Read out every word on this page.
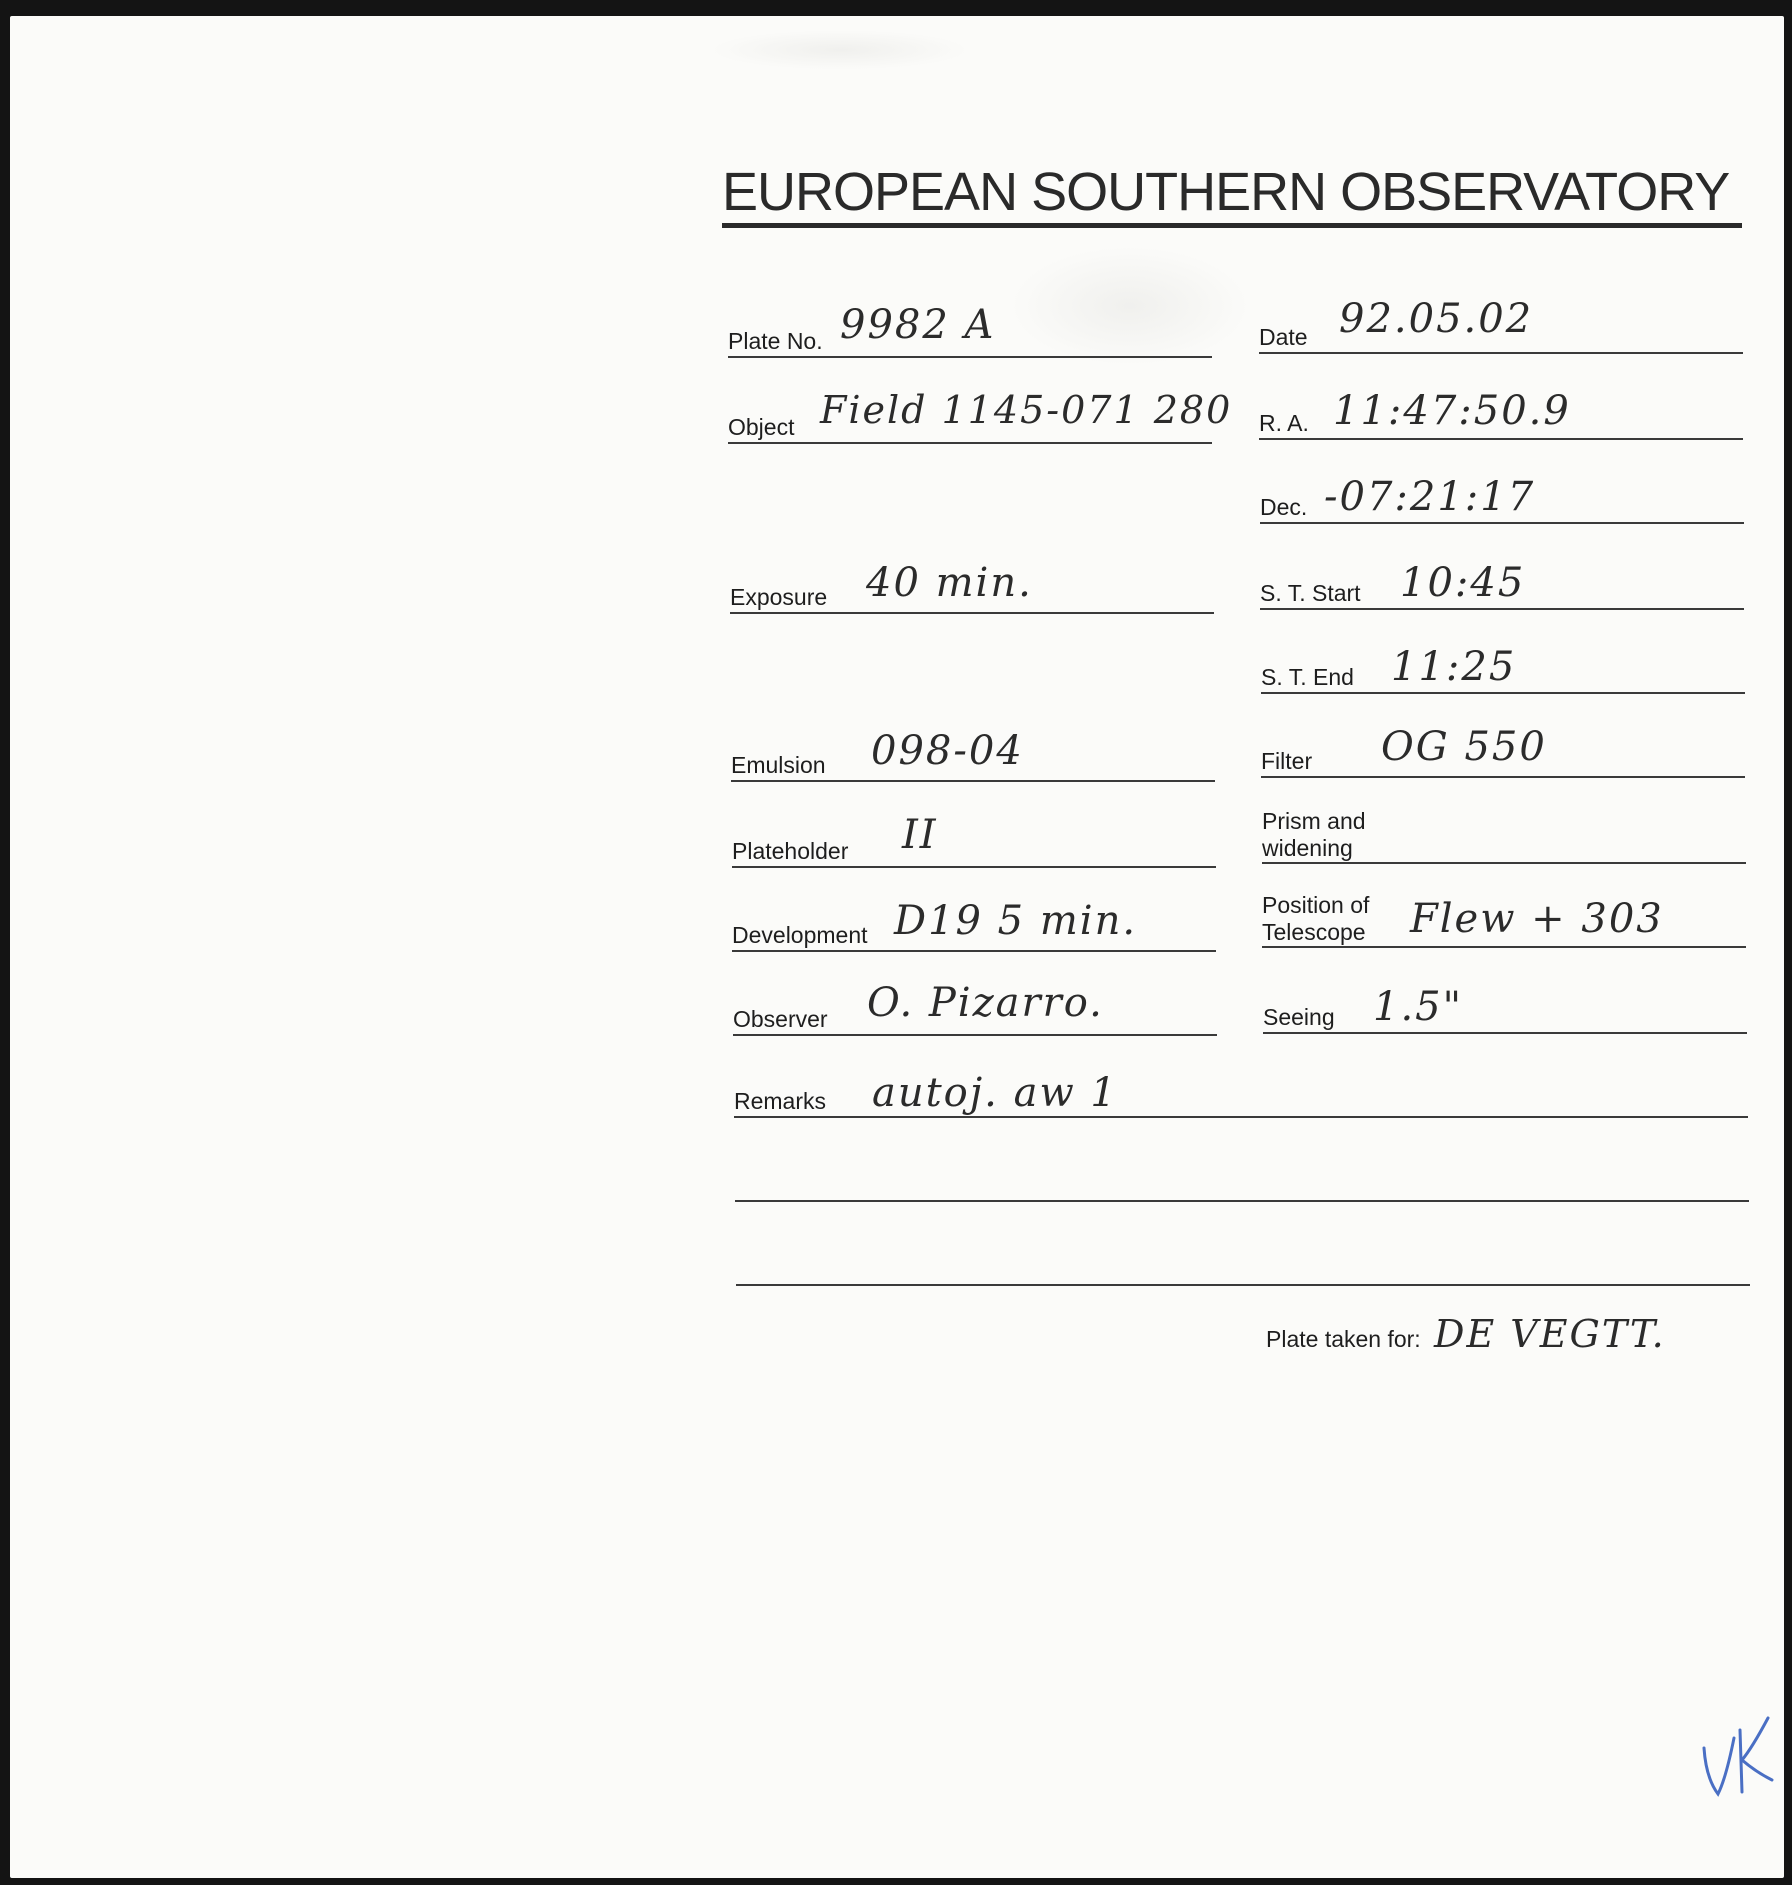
EUROPEAN SOUTHERN OBSERVATORY
Plate No. 9982 A
Object Field 1145-071 280
Exposure 40 min.
Emulsion 098-04
Plateholder II
Development D19 5 min.
Observer O. Pizarro.
Date 92.05.02
R. A. 11:47:50.9
Dec. -07:21:17
S. T. Start 10:45
S. T. End 11:25
Filter OG 550
Prism and
widening
Position of
Telescope Flew + 303
Seeing 1.5"
Remarks autoj. aw 1
Plate taken for: DE VEGTT.
